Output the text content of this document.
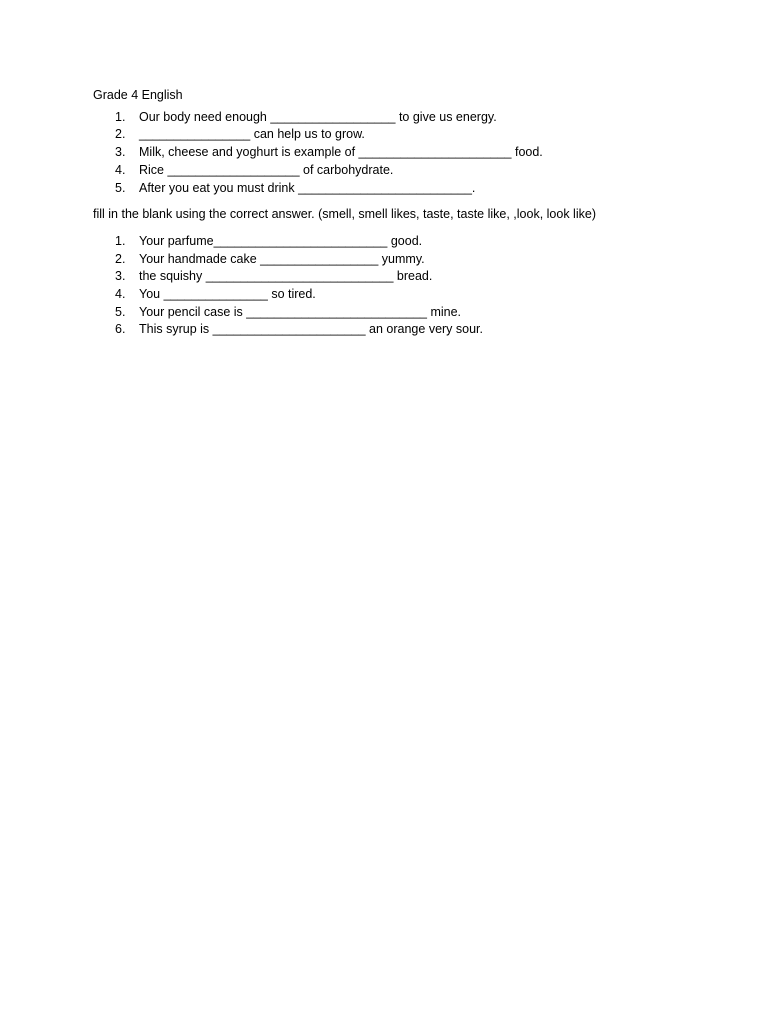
Grade 4 English
1. Our body need enough __________________ to give us energy.
2. ________________ can help us to grow.
3. Milk, cheese and yoghurt is example of ______________________ food.
4. Rice ___________________ of carbohydrate.
5. After you eat you must drink _________________________.
fill in the blank using the correct answer. (smell, smell likes, taste, taste like, ,look, look like)
1. Your parfume_________________________ good.
2. Your handmade cake _________________ yummy.
3. the squishy ___________________________ bread.
4. You _______________ so tired.
5. Your pencil case is __________________________ mine.
6. This syrup is ______________________ an orange very sour.
